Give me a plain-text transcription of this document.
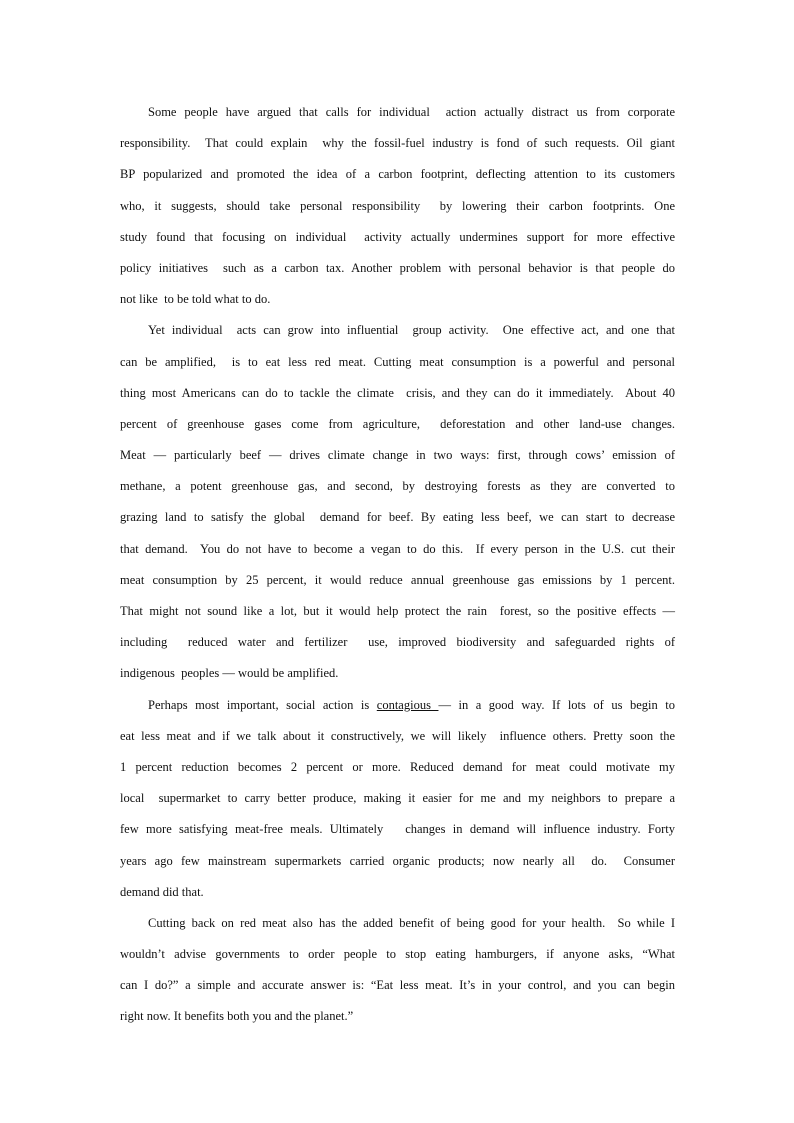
Some people have argued that calls for individual  action actually distract us from corporate
responsibility.  That could explain  why the fossil-fuel industry is fond of such requests. Oil giant
BP popularized and promoted the idea of a carbon footprint, deflecting attention to its customers
who, it suggests, should take personal responsibility  by lowering their carbon footprints. One
study found that focusing on individual  activity actually undermines support for more effective
policy initiatives  such as a carbon tax. Another problem with personal behavior is that people do
not like  to be told what to do.

Yet individual  acts can grow into influential  group activity.  One effective act, and one that
can be amplified,  is to eat less red meat. Cutting meat consumption is a powerful and personal
thing most Americans can do to tackle the climate  crisis, and they can do it immediately.  About 40
percent of greenhouse gases come from agriculture,  deforestation and other land-use changes.
Meat — particularly beef — drives climate change in two ways: first, through cows’ emission of
methane, a potent greenhouse gas, and second, by destroying forests as they are converted to
grazing land to satisfy the global  demand for beef. By eating less beef, we can start to decrease
that demand.  You do not have to become a vegan to do this.  If every person in the U.S. cut their
meat consumption by 25 percent, it would reduce annual greenhouse gas emissions by 1 percent.
That might not sound like a lot, but it would help protect the rain  forest, so the positive effects —
including  reduced water and fertilizer  use, improved biodiversity and safeguarded rights of
indigenous  peoples — would be amplified.

Perhaps most important, social action is contagious — in a good way. If lots of us begin to
eat less meat and if we talk about it constructively, we will likely  influence others. Pretty soon the
1 percent reduction becomes 2 percent or more. Reduced demand for meat could motivate my
local  supermarket to carry better produce, making it easier for me and my neighbors to prepare a
few more satisfying meat-free meals. Ultimately   changes in demand will influence industry. Forty
years ago few mainstream supermarkets carried organic products; now nearly all  do.  Consumer
demand did that.

Cutting back on red meat also has the added benefit of being good for your health.  So while I
wouldn’t advise governments to order people to stop eating hamburgers, if anyone asks, “What
can I do?” a simple and accurate answer is: “Eat less meat. It’s in your control, and you can begin
right now. It benefits both you and the planet.”
